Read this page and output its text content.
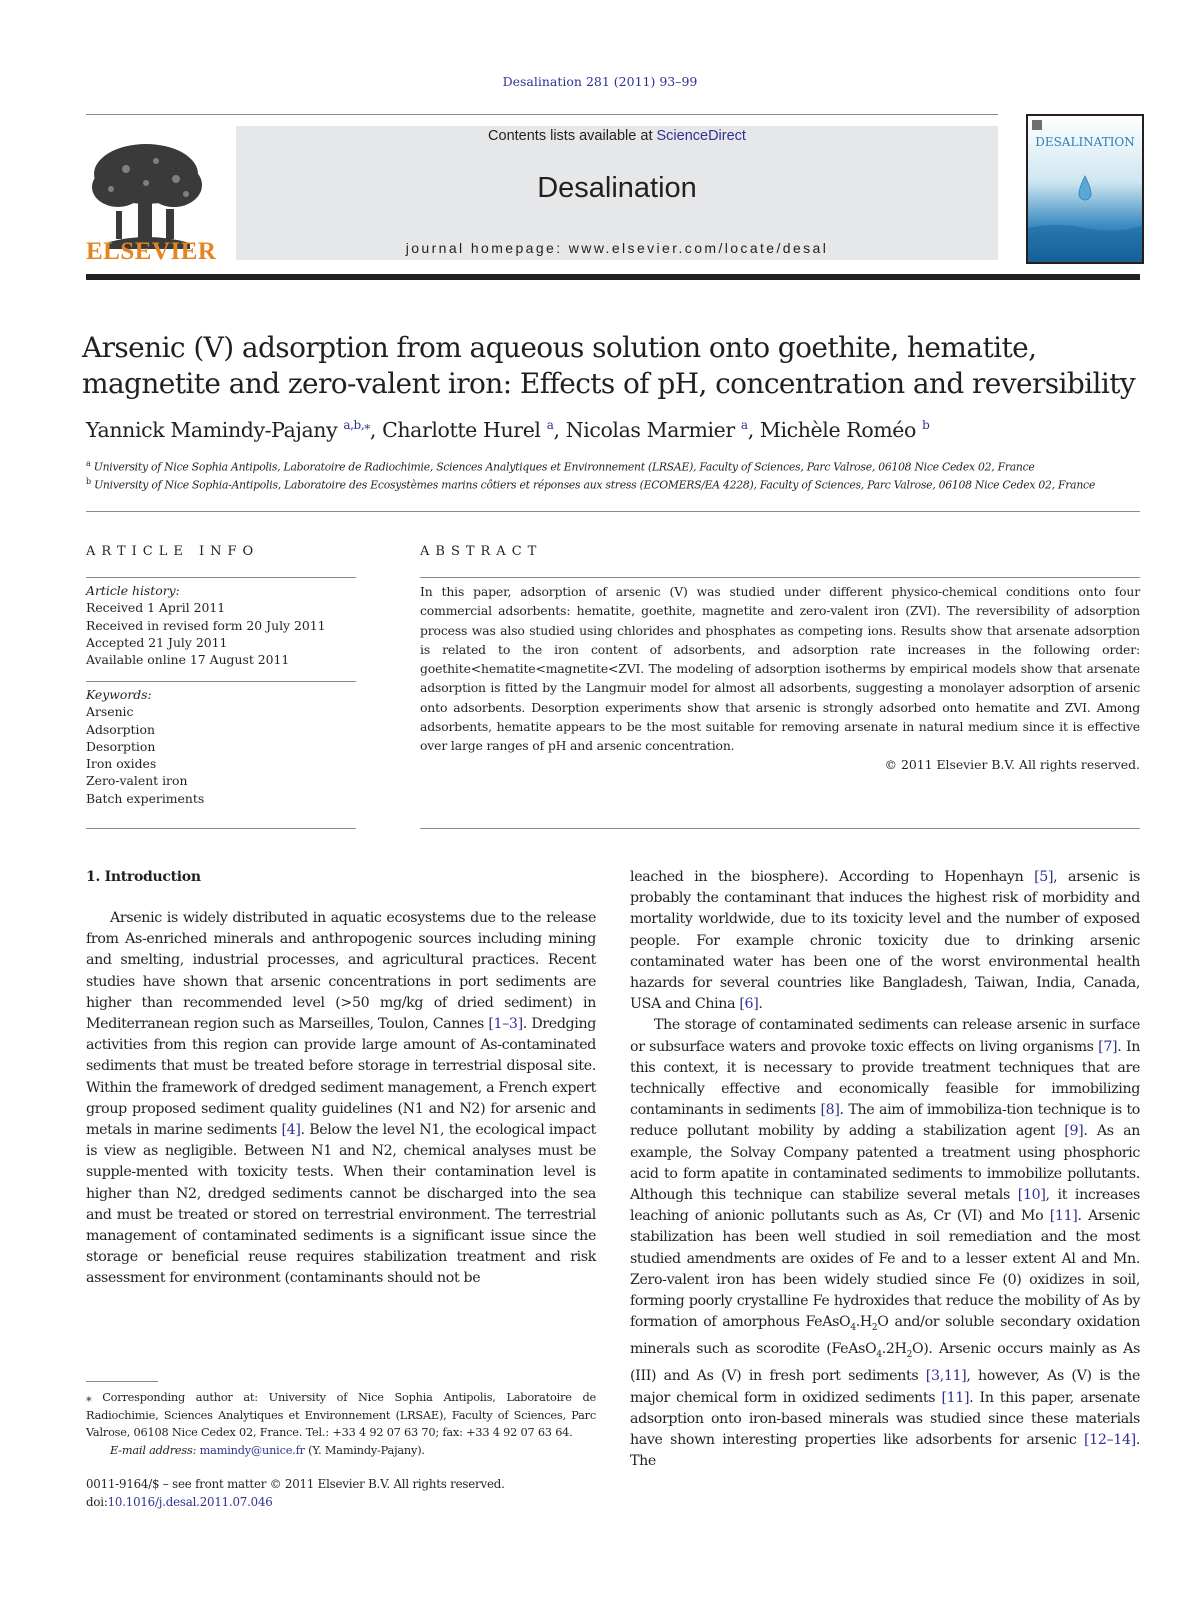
Desalination 281 (2011) 93–99
ELSEVIER
Contents lists available at ScienceDirect
Desalination
journal homepage: www.elsevier.com/locate/desal
DESALINATION
Arsenic (V) adsorption from aqueous solution onto goethite, hematite, magnetite and zero-valent iron: Effects of pH, concentration and reversibility
Yannick Mamindy-Pajany $^{a,b,⁎}$, Charlotte Hurel $^a$, Nicolas Marmier $^a$, Michèle Roméo $^b$
$^a$ University of Nice Sophia Antipolis, Laboratoire de Radiochimie, Sciences Analytiques et Environnement (LRSAE), Faculty of Sciences, Parc Valrose, 06108 Nice Cedex 02, France
$^b$ University of Nice Sophia-Antipolis, Laboratoire des Ecosystèmes marins côtiers et réponses aux stress (ECOMERS/EA 4228), Faculty of Sciences, Parc Valrose, 06108 Nice Cedex 02, France
ARTICLE INFO
Article history:
Received 1 April 2011
Received in revised form 20 July 2011
Accepted 21 July 2011
Available online 17 August 2011
Keywords:
Arsenic
Adsorption
Desorption
Iron oxides
Zero-valent iron
Batch experiments
ABSTRACT
In this paper, adsorption of arsenic (V) was studied under different physico-chemical conditions onto four commercial adsorbents: hematite, goethite, magnetite and zero-valent iron (ZVI). The reversibility of adsorption process was also studied using chlorides and phosphates as competing ions. Results show that arsenate adsorption is related to the iron content of adsorbents, and adsorption rate increases in the following order: goethite<hematite<magnetite<ZVI. The modeling of adsorption isotherms by empirical models show that arsenate adsorption is fitted by the Langmuir model for almost all adsorbents, suggesting a monolayer adsorption of arsenic onto adsorbents. Desorption experiments show that arsenic is strongly adsorbed onto hematite and ZVI. Among adsorbents, hematite appears to be the most suitable for removing arsenate in natural medium since it is effective over large ranges of pH and arsenic concentration.
© 2011 Elsevier B.V. All rights reserved.
1. Introduction

Arsenic is widely distributed in aquatic ecosystems due to the release from As-enriched minerals and anthropogenic sources including mining and smelting, industrial processes, and agricultural practices. Recent studies have shown that arsenic concentrations in port sediments are higher than recommended level (>50 mg/kg of dried sediment) in Mediterranean region such as Marseilles, Toulon, Cannes [1–3]. Dredging activities from this region can provide large amount of As-contaminated sediments that must be treated before storage in terrestrial disposal site. Within the framework of dredged sediment management, a French expert group proposed sediment quality guidelines (N1 and N2) for arsenic and metals in marine sediments [4]. Below the level N1, the ecological impact is view as negligible. Between N1 and N2, chemical analyses must be supple-mented with toxicity tests. When their contamination level is higher than N2, dredged sediments cannot be discharged into the sea and must be treated or stored on terrestrial environment. The terrestrial management of contaminated sediments is a significant issue since the storage or beneficial reuse requires stabilization treatment and risk assessment for environment (contaminants should not be

leached in the biosphere). According to Hopenhayn [5], arsenic is probably the contaminant that induces the highest risk of morbidity and mortality worldwide, due to its toxicity level and the number of exposed people. For example chronic toxicity due to drinking arsenic contaminated water has been one of the worst environmental health hazards for several countries like Bangladesh, Taiwan, India, Canada, USA and China [6].

The storage of contaminated sediments can release arsenic in surface or subsurface waters and provoke toxic effects on living organisms [7]. In this context, it is necessary to provide treatment techniques that are technically effective and economically feasible for immobilizing contaminants in sediments [8]. The aim of immobiliza-tion technique is to reduce pollutant mobility by adding a stabilization agent [9]. As an example, the Solvay Company patented a treatment using phosphoric acid to form apatite in contaminated sediments to immobilize pollutants. Although this technique can stabilize several metals [10], it increases leaching of anionic pollutants such as As, Cr (VI) and Mo [11]. Arsenic stabilization has been well studied in soil remediation and the most studied amendments are oxides of Fe and to a lesser extent Al and Mn. Zero-valent iron has been widely studied since Fe (0) oxidizes in soil, forming poorly crystalline Fe hydroxides that reduce the mobility of As by formation of amorphous $FeAsO_4.H_2O$ and/or soluble secondary oxidation minerals such as scorodite $(FeAsO_4.2H_2O)$. Arsenic occurs mainly as As (III) and As (V) in fresh port sediments [3,11], however, As (V) is the major chemical form in oxidized sediments [11]. In this paper, arsenate adsorption onto iron-based minerals was studied since these materials have shown interesting properties like adsorbents for arsenic [12–14]. The

⁎ Corresponding author at: University of Nice Sophia Antipolis, Laboratoire de Radiochimie, Sciences Analytiques et Environnement (LRSAE), Faculty of Sciences, Parc Valrose, 06108 Nice Cedex 02, France. Tel.: +33 4 92 07 63 70; fax: +33 4 92 07 63 64.
E-mail address: mamindy@unice.fr (Y. Mamindy-Pajany).
0011-9164/$ – see front matter © 2011 Elsevier B.V. All rights reserved.
doi:10.1016/j.desal.2011.07.046
